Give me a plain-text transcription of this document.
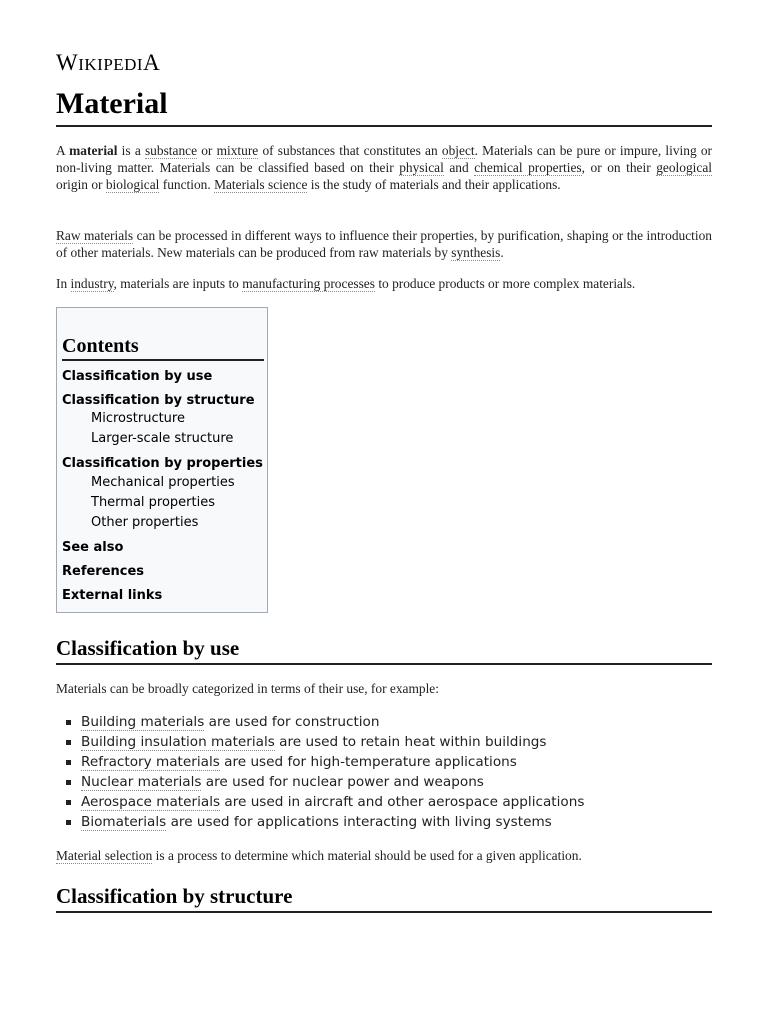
WIKIPEDIA
Material

A material is a substance or mixture of substances that constitutes an object. Materials can be pure or impure, living or non-living matter. Materials can be classified based on their physical and chemical properties, or on their geological origin or biological function. Materials science is the study of materials and their applications.

Raw materials can be processed in different ways to influence their properties, by purification, shaping or the introduction of other materials. New materials can be produced from raw materials by synthesis.

In industry, materials are inputs to manufacturing processes to produce products or more complex materials.

Contents
Classification by use
Classification by structure
Microstructure
Larger-scale structure
Classification by properties
Mechanical properties
Thermal properties
Other properties
See also
References
External links
Classification by use

Materials can be broadly categorized in terms of their use, for example:

Building materials are used for construction
Building insulation materials are used to retain heat within buildings
Refractory materials are used for high-temperature applications
Nuclear materials are used for nuclear power and weapons
Aerospace materials are used in aircraft and other aerospace applications
Biomaterials are used for applications interacting with living systems

Material selection is a process to determine which material should be used for a given application.

Classification by structure
